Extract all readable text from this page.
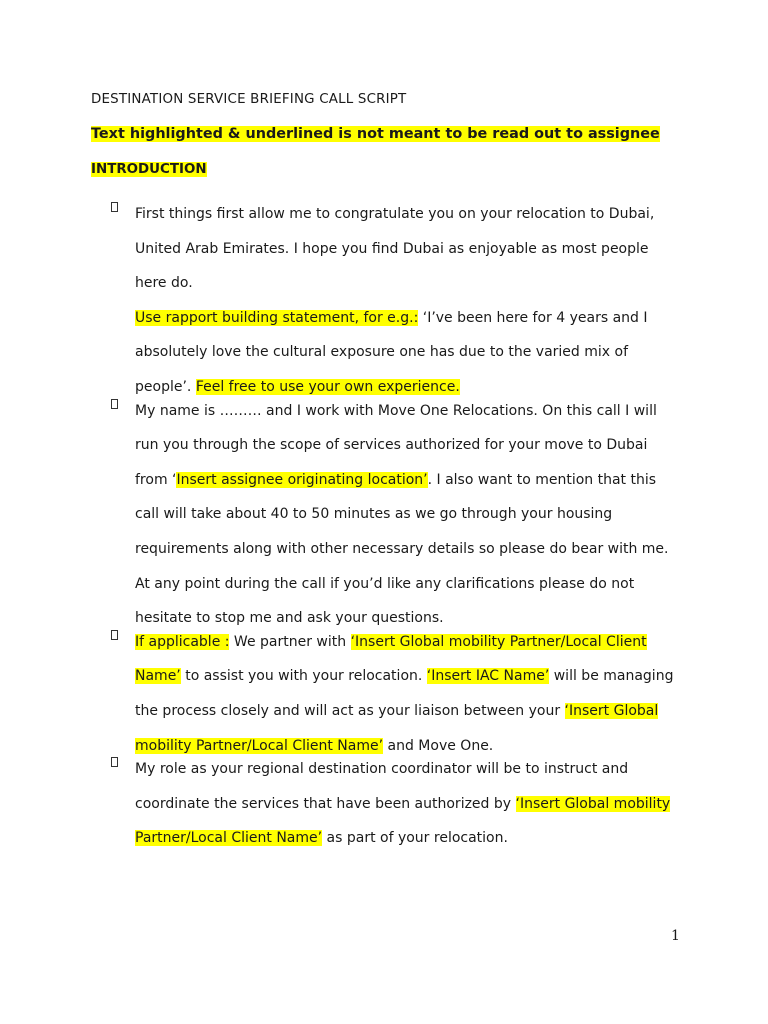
DESTINATION SERVICE BRIEFING CALL SCRIPT
Text highlighted & underlined is not meant to be read out to assignee
INTRODUCTION

First things first allow me to congratulate you on your relocation to Dubai, United Arab Emirates. I hope you find Dubai as enjoyable as most people here do.

Use rapport building statement, for e.g.: ‘I’ve been here for 4 years and I absolutely love the cultural exposure one has due to the varied mix of people’. Feel free to use your own experience.

My name is ……… and I work with Move One Relocations. On this call I will run you through the scope of services authorized for your move to Dubai from ‘Insert assignee originating location’. I also want to mention that this call will take about 40 to 50 minutes as we go through your housing requirements along with other necessary details so please do bear with me. At any point during the call if you’d like any clarifications please do not hesitate to stop me and ask your questions.

If applicable : We partner with ‘Insert Global mobility Partner/Local Client Name’ to assist you with your relocation. ‘Insert IAC Name’ will be managing the process closely and will act as your liaison between your ‘Insert Global mobility Partner/Local Client Name’ and Move One.

My role as your regional destination coordinator will be to instruct and coordinate the services that have been authorized by ‘Insert Global mobility Partner/Local Client Name’ as part of your relocation.

1
